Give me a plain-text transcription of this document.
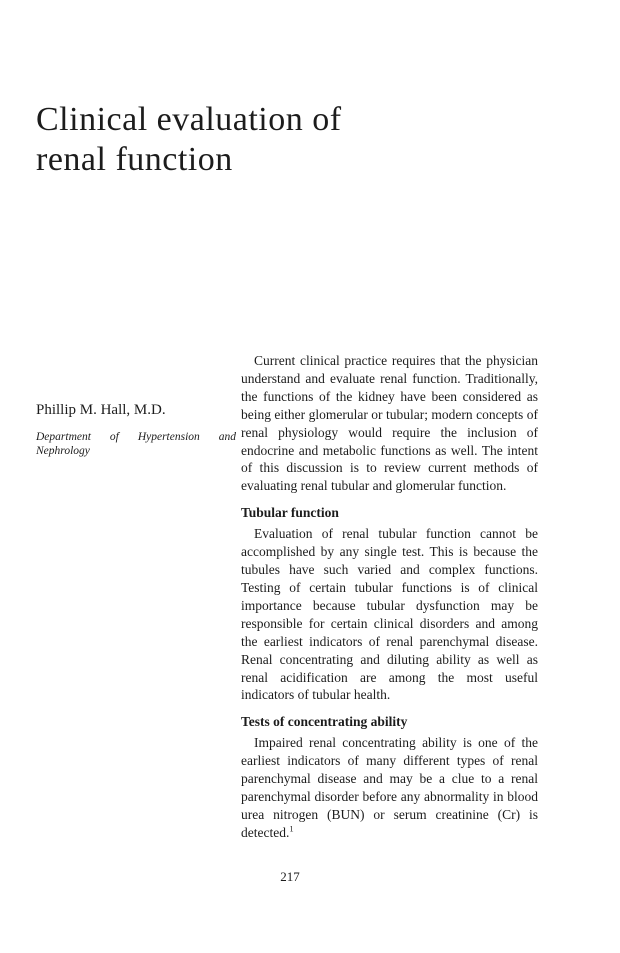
Clinical evaluation of
renal function
Phillip M. Hall, M.D.
Department of Hypertension and Nephrology

Current clinical practice requires that the physician understand and evaluate renal function. Traditionally, the functions of the kidney have been considered as being either glomerular or tubular; modern concepts of renal physiology would require the inclusion of endocrine and metabolic functions as well. The intent of this discussion is to review current methods of evaluating renal tubular and glomerular function.

Tubular function

Evaluation of renal tubular function cannot be accomplished by any single test. This is because the tubules have such varied and complex functions. Testing of certain tubular functions is of clinical importance because tubular dysfunction may be responsible for certain clinical disorders and among the earliest indicators of renal parenchymal disease. Renal concentrating and diluting ability as well as renal acidification are among the most useful indicators of tubular health.

Tests of concentrating ability

Impaired renal concentrating ability is one of the earliest indicators of many different types of renal parenchymal disease and may be a clue to a renal parenchymal disorder before any abnormality in blood urea nitrogen (BUN) or serum creatinine (Cr) is detected.$^1$

217
